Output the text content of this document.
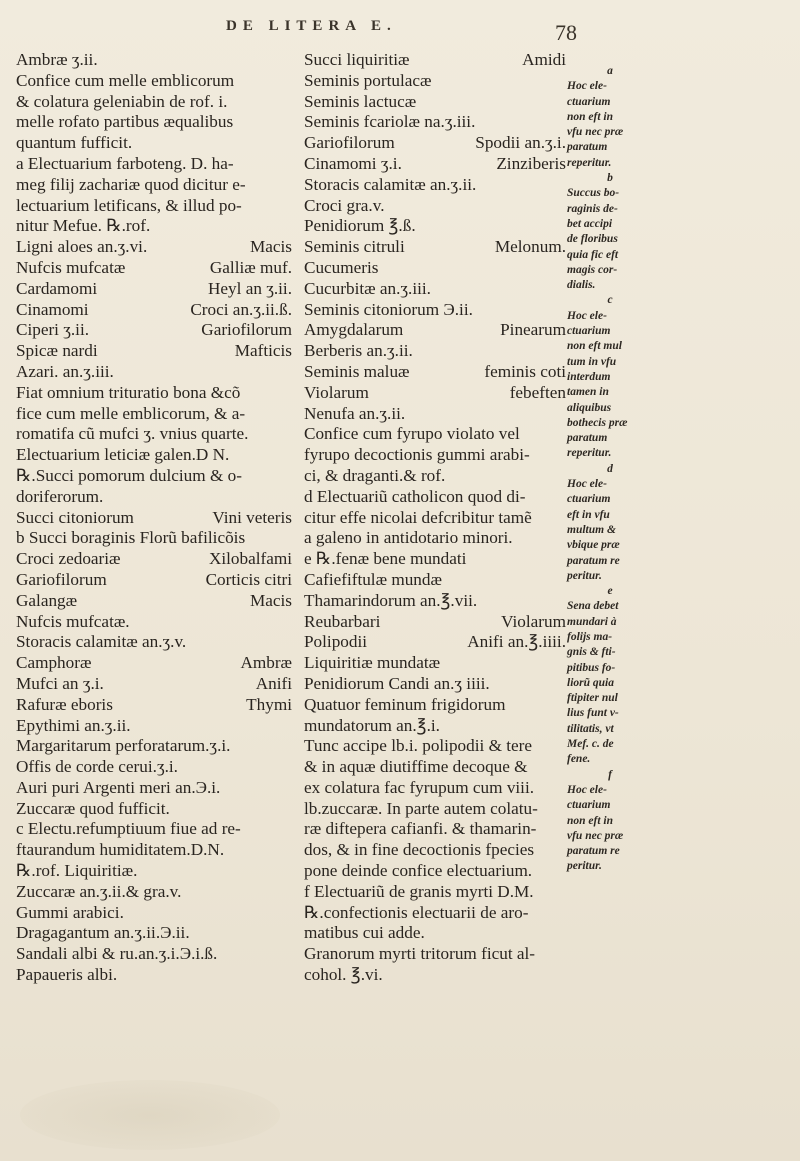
DE LITERA E.	78
Ambræ ʒ.ii.
Confice cum melle emblicorum
& colatura geleniabin de rof. i.
melle rofato partibus æqualibus
quantum fufficit.
a Electuarium farboteng. D. ha-
meg filij zachariæ quod dicitur e-
lectuarium letificans, & illud po-
nitur Mefue. ℞.rof.
Ligni aloes an.ʒ.vi.	Macis
Nufcis mufcatæ	Galliæ muf.
Cardamomi	Heyl an ʒ.ii.
Cinamomi	Croci an.ʒ.ii.ß.
Ciperi ʒ.ii.	Gariofilorum
Spicæ nardi	Mafticis
Azari. an.ʒ.iii.
Fiat omnium trituratio bona &cõ
fice cum melle emblicorum, & a-
romatifa cũ mufci ʒ. vnius quarte.
Electuarium leticiæ galen.D N.
℞.Succi pomorum dulcium & o-
doriferorum.
Succi citoniorum	Vini veteris
b Succi boraginis Florũ bafilicõis
Croci zedoariæ	Xilobalfami
Gariofilorum	Corticis citri
Galangæ	Macis
Nufcis mufcatæ.
Storacis calamitæ an.ʒ.v.
Camphoræ	Ambræ
Mufci an ʒ.i.	Anifi
Rafuræ eboris	Thymi
Epythimi an.ʒ.ii.
Margaritarum perforatarum.ʒ.i.
Offis de corde cerui.ʒ.i.
Auri puri Argenti meri an.Э.i.
Zuccaræ quod fufficit.
c Electu.refumptiuum fiue ad re-
ftaurandum humiditatem.D.N.
℞.rof. Liquiritiæ.
Zuccaræ an.ʒ.ii.& gra.v.
Gummi arabici.
Dragagantum an.ʒ.ii.Э.ii.
Sandali albi & ru.an.ʒ.i.Э.i.ß.
Papaueris albi.
Succi liquiritiæ	Amidi
Seminis portulacæ
Seminis lactucæ
Seminis fcariolæ na.ʒ.iii.
Gariofilorum	Spodii an.ʒ.i.
Cinamomi ʒ.i.	Zinziberis
Storacis calamitæ an.ʒ.ii.
Croci gra.v.
Penidiorum ℥.ß.
Seminis citruli	Melonum.
Cucumeris
Cucurbitæ an.ʒ.iii.
Seminis citoniorum Э.ii.
Amygdalarum	Pinearum
Berberis an.ʒ.ii.
Seminis maluæ	feminis coti
Violarum	febeften
Nenufa an.ʒ.ii.
Confice cum fyrupo violato vel
fyrupo decoctionis gummi arabi-
ci, & draganti.& rof.
d Electuariũ catholicon quod di-
citur effe nicolai defcribitur tamẽ
a galeno in antidotario minori.
e ℞.fenæ bene mundati
Cafiefiftulæ mundæ
Thamarindorum an.℥.vii.
Reubarbari	Violarum
Polipodii	Anifi an.℥.iiii.
Liquiritiæ mundatæ
Penidiorum Candi an.ʒ iiii.
Quatuor feminum frigidorum
mundatorum an.℥.i.
Tunc accipe lb.i. polipodii & tere
& in aquæ diutiffime decoque &
ex colatura fac fyrupum cum viii.
lb.zuccaræ. In parte autem colatu-
ræ diftepera cafianfi. & thamarin-
dos, & in fine decoctionis fpecies
pone deinde confice electuarium.
f Electuariũ de granis myrti D.M.
℞.confectionis electuarii de aro-
matibus cui adde.
Granorum myrti tritorum ficut al-
cohol. ℥.vi.
a
Hoc ele-
ctuarium
non eft in
vfu nec præ
paratum
reperitur.
b
Succus bo-
raginis de-
bet accipi
de floribus
quia fic eft
magis cor-
dialis.
c
Hoc ele-
ctuarium
non eft mul
tum in vfu
interdum
tamen in
aliquibus
bothecis præ
paratum
reperitur.
d
Hoc ele-
ctuarium
eft in vfu
multum &
vbique præ
paratum re
peritur.
e
Sena debet
mundari à
folijs ma-
gnis & fti-
pitibus fo-
liorũ quia
ftipiter nul
lius funt v-
tilitatis, vt
Mef. c. de
fene.
f
Hoc ele-
ctuarium
non eft in
vfu nec præ
paratum re
peritur.
